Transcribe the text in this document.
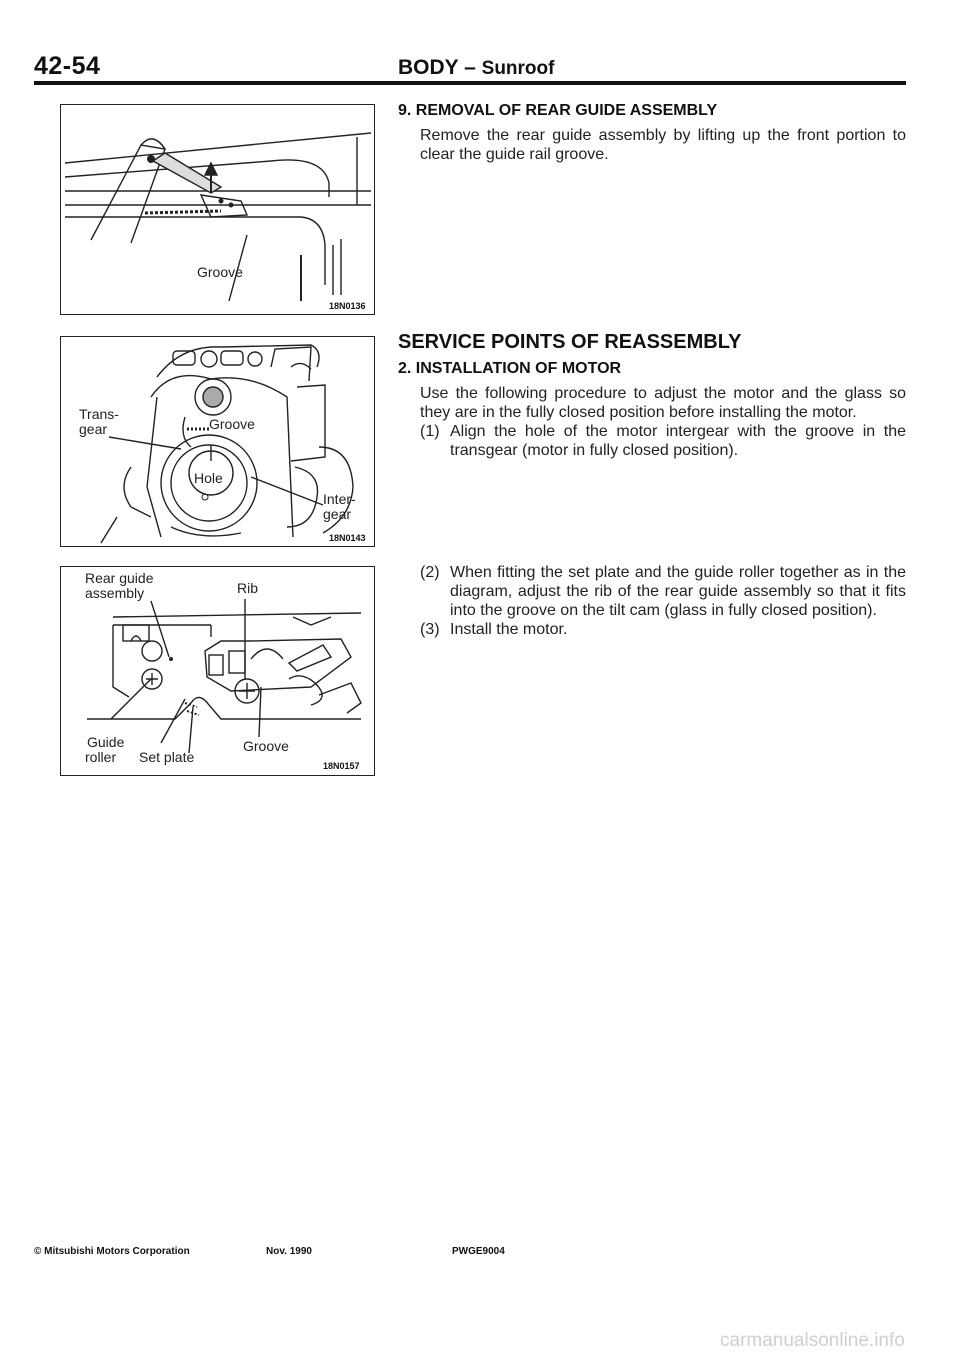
42-54	BODY – Sunroof
Groove
18N0136
Trans-
gear	Groove
Hole
Inter-
gear
18N0143
Rear guide
assembly	Rib
Guide
roller Set plate
Groove
18N0157
9. REMOVAL OF REAR GUIDE ASSEMBLY

Remove the rear guide assembly by lifting up the front portion to clear the guide rail groove.

SERVICE POINTS OF REASSEMBLY
2. INSTALLATION OF MOTOR

Use the following procedure to adjust the motor and the glass so they are in the fully closed position before installing the motor.

(1) Align the hole of the motor intergear with the groove in the transgear (motor in fully closed position).
(2) When fitting the set plate and the guide roller together as in the diagram, adjust the rib of the rear guide assembly so that it fits into the groove on the tilt cam (glass in fully closed position).
(3) Install the motor.
© Mitsubishi Motors Corporation	Nov. 1990	PWGE9004
carmanualsonline.info
